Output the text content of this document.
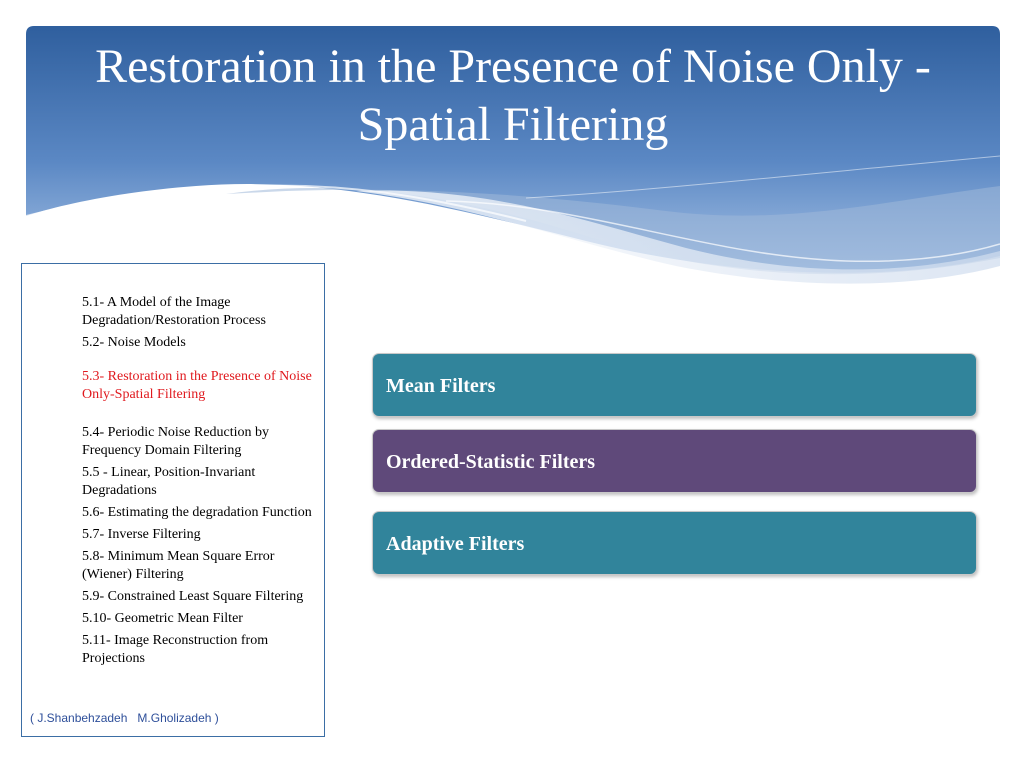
Restoration in the Presence of Noise Only - Spatial Filtering
5.1- A Model of the Image Degradation/Restoration Process
5.2- Noise Models
5.3- Restoration in the Presence of Noise Only-Spatial Filtering
5.4- Periodic Noise Reduction by Frequency Domain Filtering
5.5 - Linear, Position-Invariant Degradations
5.6- Estimating the degradation Function
5.7- Inverse Filtering
5.8- Minimum Mean Square Error (Wiener) Filtering
5.9- Constrained Least Square Filtering
5.10- Geometric Mean Filter
5.11- Image Reconstruction from Projections
( J.Shanbehzadeh   M.Gholizadeh )
Mean Filters
Ordered-Statistic Filters
Adaptive Filters
